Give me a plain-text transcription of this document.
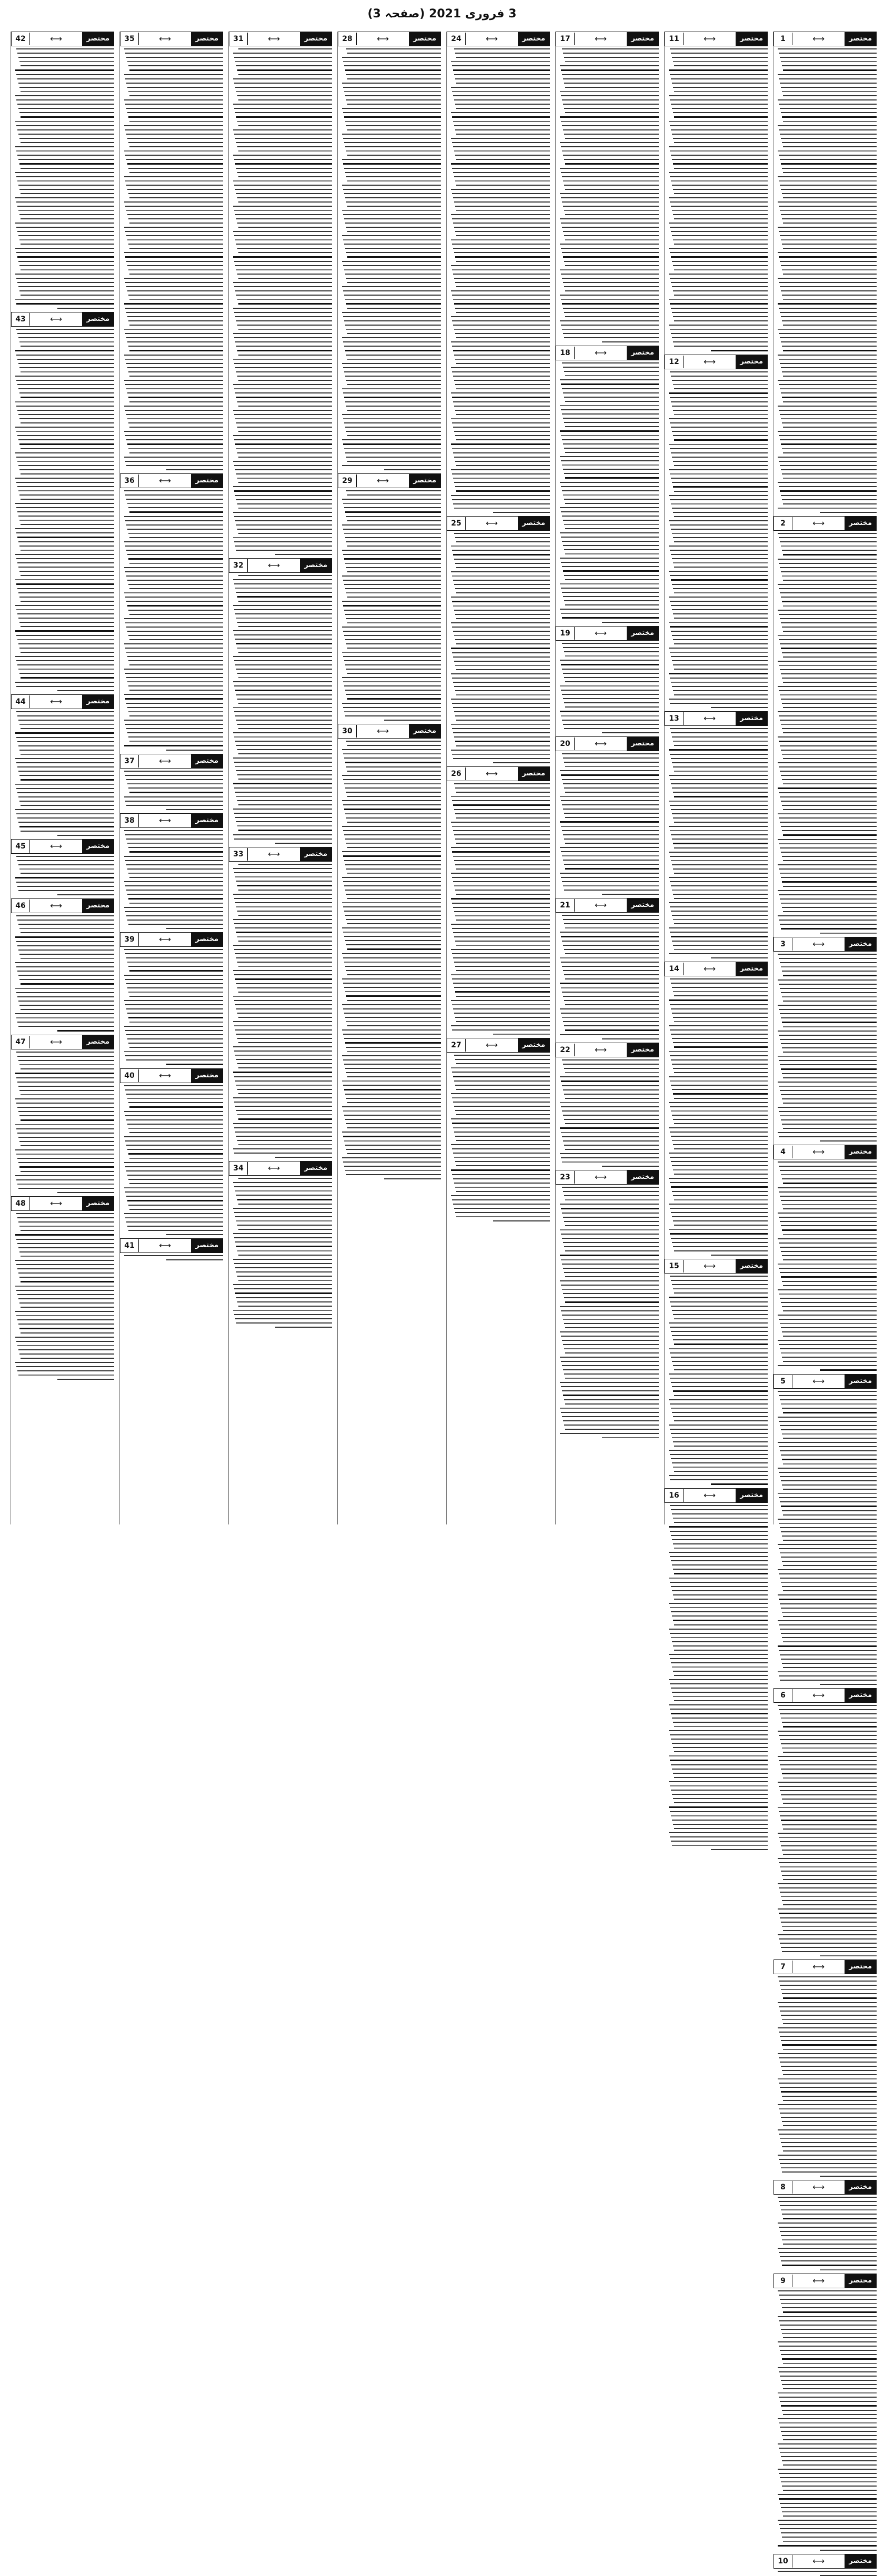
3 فروری 2021 (صفحہ 3)
مختصر
⟷
1
مختصر
⟷
2
مختصر
⟷
3
مختصر
⟷
4
مختصر
⟷
5
مختصر
⟷
6
مختصر
⟷
7
مختصر
⟷
8
مختصر
⟷
9
مختصر
⟷
10
مختصر
⟷
11
مختصر
⟷
12
مختصر
⟷
13
مختصر
⟷
14
مختصر
⟷
15
مختصر
⟷
16
مختصر
⟷
17
مختصر
⟷
18
مختصر
⟷
19
مختصر
⟷
20
مختصر
⟷
21
مختصر
⟷
22
مختصر
⟷
23
مختصر
⟷
24
مختصر
⟷
25
مختصر
⟷
26
مختصر
⟷
27
مختصر
⟷
28
مختصر
⟷
29
مختصر
⟷
30
مختصر
⟷
31
مختصر
⟷
32
مختصر
⟷
33
مختصر
⟷
34
مختصر
⟷
35
مختصر
⟷
36
مختصر
⟷
37
مختصر
⟷
38
مختصر
⟷
39
مختصر
⟷
40
مختصر
⟷
41
مختصر
⟷
42
مختصر
⟷
43
مختصر
⟷
44
مختصر
⟷
45
مختصر
⟷
46
مختصر
⟷
47
مختصر
⟷
48
